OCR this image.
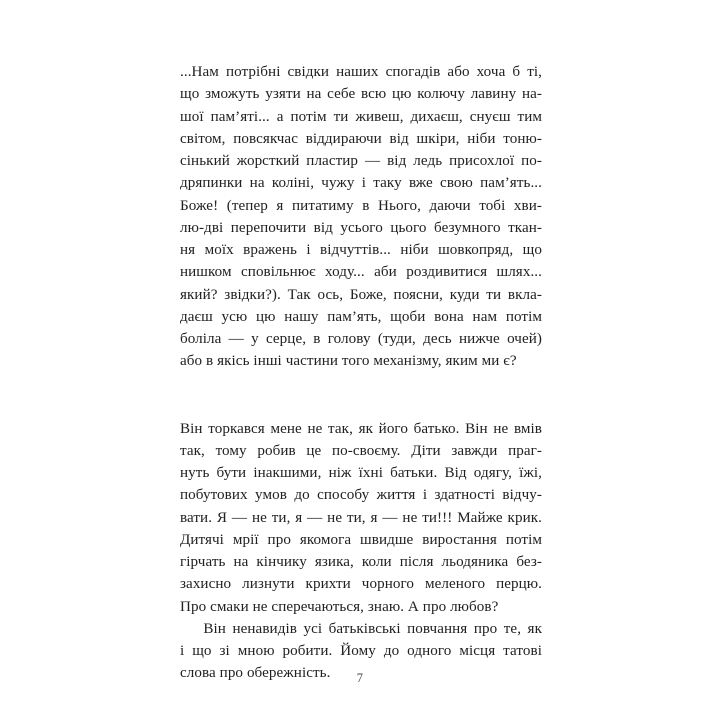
...Нам потрібні свідки наших спогадів або хоча б ті,
що зможуть узяти на себе всю цю колючу лавину на-
шої пам’яті... а потім ти живеш, дихаєш, снуєш тим
світом, повсякчас віддираючи від шкіри, ніби тоню-
сінький жорсткий пластир — від ледь присохлої по-
дряпинки на коліні, чужу і таку вже свою пам’ять...
Боже! (тепер я питатиму в Нього, даючи тобі хви-
лю-дві перепочити від усього цього безумного ткан-
ня моїх вражень і відчуттів... ніби шовкопряд, що
нишком сповільнює ходу... аби роздивитися шлях...
який? звідки?). Так ось, Боже, поясни, куди ти вкла-
даєш усю цю нашу пам’ять, щоби вона нам потім
боліла — у серце, в голову (туди, десь нижче очей)
або в якісь інші частини того механізму, яким ми є?

Він торкався мене не так, як його батько. Він не вмів
так, тому робив це по-своєму. Діти завжди праг-
нуть бути інакшими, ніж їхні батьки. Від одягу, їжі,
побутових умов до способу життя і здатності відчу-
вати. Я — не ти, я — не ти, я — не ти!!! Майже крик.
Дитячі мрії про якомога швидше виростання потім
гірчать на кінчику язика, коли після льодяника без-
захисно лизнути крихти чорного меленого перцю.
Про смаки не сперечаються, знаю. А про любов?
Він ненавидів усі батьківські повчання про те, як
і що зі мною робити. Йому до одного місця татові
слова про обережність.	7
